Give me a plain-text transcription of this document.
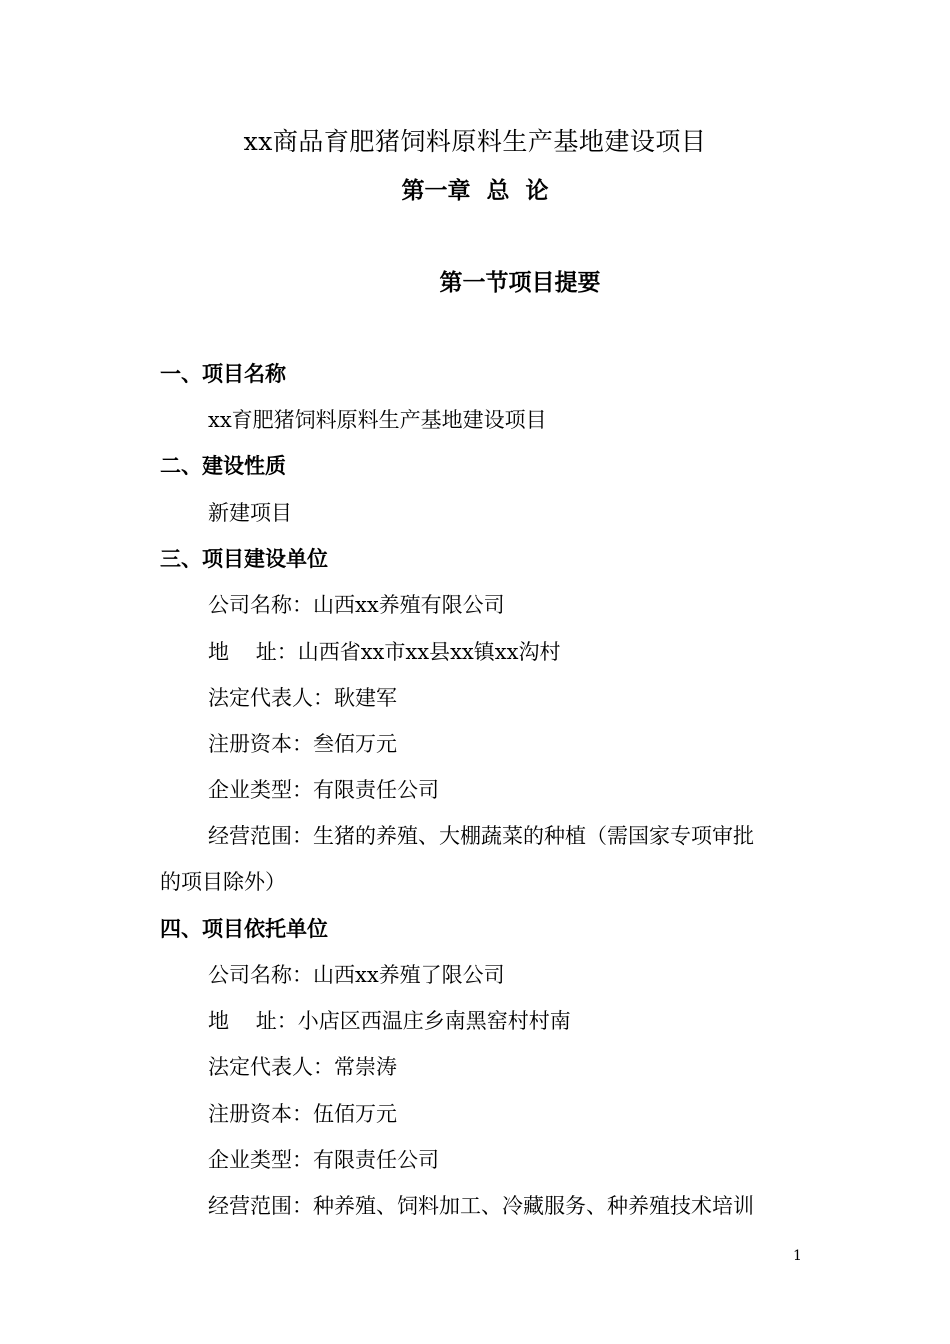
xx商品育肥猪饲料原料生产基地建设项目
第一章 总 论
第一节项目提要
一、项目名称
xx育肥猪饲料原料生产基地建设项目
二、建设性质
新建项目
三、项目建设单位
公司名称：山西xx养殖有限公司
地    址：山西省xx市xx县xx镇xx沟村
法定代表人：耿建军
注册资本：叁佰万元
企业类型：有限责任公司
经营范围：生猪的养殖、大棚蔬菜的种植（需国家专项审批
的项目除外）
四、项目依托单位
公司名称：山西xx养殖了限公司
地    址：小店区西温庄乡南黑窑村村南
法定代表人：常崇涛
注册资本：伍佰万元
企业类型：有限责任公司
经营范围：种养殖、饲料加工、冷藏服务、种养殖技术培训
1
